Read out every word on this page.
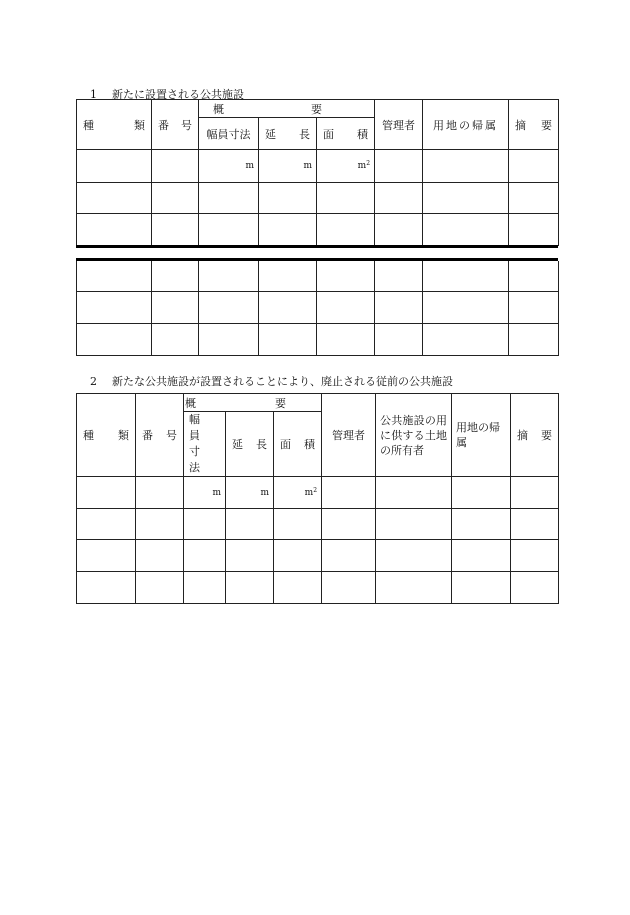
1 新たに設置される公共施設
種　類	番　号	概　要			管理者	用地の帰属	摘　要
		幅員寸法	延　長	面　積			
		m	m	$m^2$			

2 新たな公共施設が設置されることにより、廃止される従前の公共施設
種　類	番　号	概　要			管理者	公共施設の用に供する土地の所有者	用地の帰属	摘　要
		幅員寸法	延　長	面　積				
		m	m	$m^2$				
